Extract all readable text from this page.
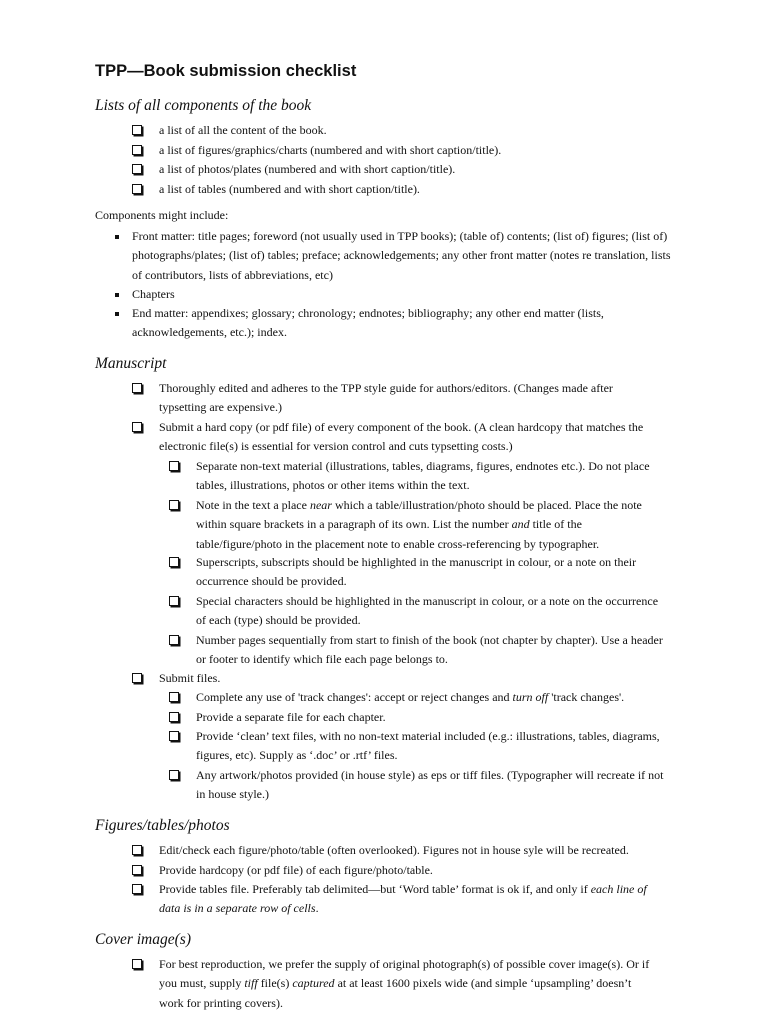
TPP—Book submission checklist
Lists of all components of the book
a list of all the content of the book.
a list of figures/graphics/charts (numbered and with short caption/title).
a list of photos/plates (numbered and with short caption/title).
a list of tables (numbered and with short caption/title).
Components might include:
Front matter: title pages; foreword (not usually used in TPP books); (table of) contents; (list of) figures; (list of) photographs/plates; (list of) tables; preface; acknowledgements; any other front matter (notes re translation, lists of contributors, lists of abbreviations, etc)
Chapters
End matter: appendixes; glossary; chronology; endnotes; bibliography; any other end matter (lists, acknowledgements, etc.); index.
Manuscript
Thoroughly edited and adheres to the TPP style guide for authors/editors. (Changes made after typsetting are expensive.)
Submit a hard copy (or pdf file) of every component of the book. (A clean hardcopy that matches the electronic file(s) is essential for version control and cuts typsetting costs.)
Separate non-text material (illustrations, tables, diagrams, figures, endnotes etc.). Do not place tables, illustrations, photos or other items within the text.
Note in the text a place near which a table/illustration/photo should be placed. Place the note within square brackets in a paragraph of its own. List the number and title of the table/figure/photo in the placement note to enable cross-referencing by typographer.
Superscripts, subscripts should be highlighted in the manuscript in colour, or a note on their occurrence should be provided.
Special characters should be highlighted in the manuscript in colour, or a note on the occurrence of each (type) should be provided.
Number pages sequentially from start to finish of the book (not chapter by chapter). Use a header or footer to identify which file each page belongs to.
Submit files.
Complete any use of 'track changes': accept or reject changes and turn off 'track changes'.
Provide a separate file for each chapter.
Provide ‘clean’ text files, with no non-text material included (e.g.: illustrations, tables, diagrams, figures, etc). Supply as ‘.doc’ or .rtf’ files.
Any artwork/photos provided (in house style) as eps or tiff files. (Typographer will recreate if not in house style.)
Figures/tables/photos
Edit/check each figure/photo/table (often overlooked). Figures not in house syle will be recreated.
Provide hardcopy (or pdf file) of each figure/photo/table.
Provide tables file. Preferably tab delimited—but ‘Word table’ format is ok if, and only if each line of data is in a separate row of cells.
Cover image(s)
For best reproduction, we prefer the supply of original photograph(s) of possible cover image(s). Or if you must, supply tiff file(s) captured at at least 1600 pixels wide (and simple ‘upsampling’ doesn’t work for printing covers).
